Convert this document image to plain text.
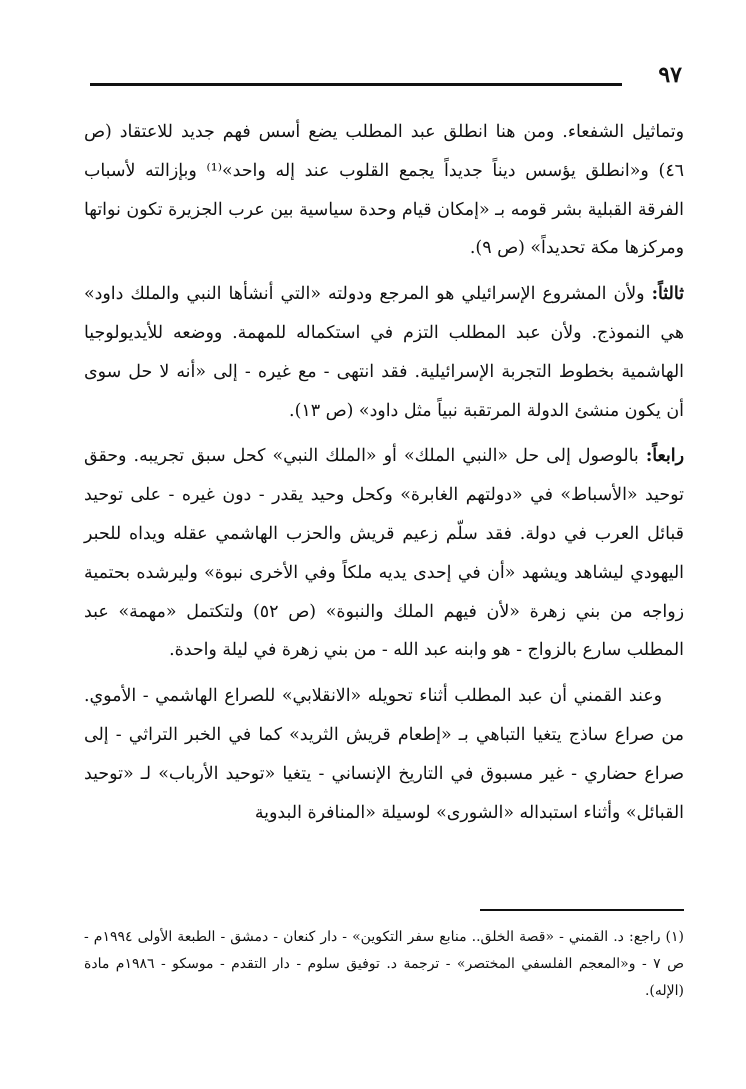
٩٧

وتماثيل الشفعاء. ومن هنا انطلق عبد المطلب يضع أسس فهم جديد للاعتقاد (ص ٤٦) و«انطلق يؤسس ديناً جديداً يجمع القلوب عند إله واحد»⁽¹⁾ وبإزالته لأسباب الفرقة القبلية بشر قومه بـ «إمكان قيام وحدة سياسية بين عرب الجزيرة تكون نواتها ومركزها مكة تحديداً» (ص ٩).

ثالثاً: ولأن المشروع الإسرائيلي هو المرجع ودولته «التي أنشأها النبي والملك داود» هي النموذج. ولأن عبد المطلب التزم في استكماله للمهمة. ووضعه للأيديولوجيا الهاشمية بخطوط التجربة الإسرائيلية. فقد انتهى - مع غيره - إلى «أنه لا حل سوى أن يكون منشئ الدولة المرتقبة نبياً مثل داود» (ص ١٣).

رابعاً: بالوصول إلى حل «النبي الملك» أو «الملك النبي» كحل سبق تجريبه. وحقق توحيد «الأسباط» في «دولتهم الغابرة» وكحل وحيد يقدر - دون غيره - على توحيد قبائل العرب في دولة. فقد سلّم زعيم قريش والحزب الهاشمي عقله ويداه للحبر اليهودي ليشاهد ويشهد «أن في إحدى يديه ملكاً وفي الأخرى نبوة» وليرشده بحتمية زواجه من بني زهرة «لأن فيهم الملك والنبوة» (ص ٥٢) ولتكتمل «مهمة» عبد المطلب سارع بالزواج - هو وابنه عبد الله - من بني زهرة في ليلة واحدة.

وعند القمني أن عبد المطلب أثناء تحويله «الانقلابي» للصراع الهاشمي - الأموي. من صراع ساذج يتغيا التباهي بـ «إطعام قريش الثريد» كما في الخبر التراثي - إلى صراع حضاري - غير مسبوق في التاريخ الإنساني - يتغيا «توحيد الأرباب» لـ «توحيد القبائل» وأثناء استبداله «الشورى» لوسيلة «المنافرة البدوية

(١) راجع: د. القمني - «قصة الخلق.. منابع سفر التكوين» - دار كنعان - دمشق - الطبعة الأولى ١٩٩٤م - ص ٧ - و«المعجم الفلسفي المختصر» - ترجمة د. توفيق سلوم - دار التقدم - موسكو - ١٩٨٦م مادة (الإله).
